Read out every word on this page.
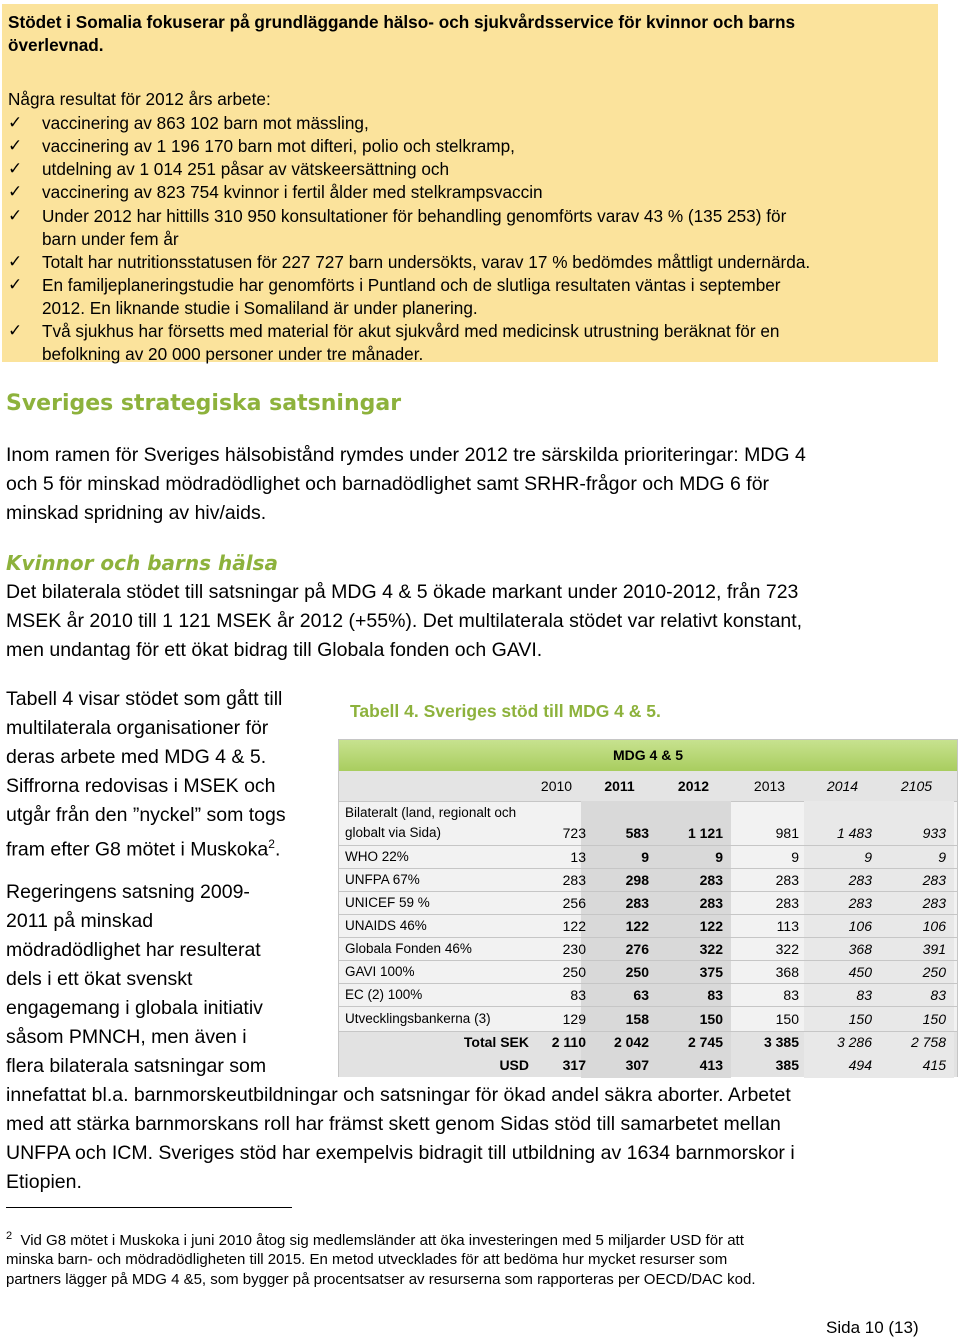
Stödet i Somalia fokuserar på grundläggande hälso- och sjukvårdsservice för kvinnor och barns
överlevnad.
Några resultat för 2012 års arbete:
✓ vaccinering av 863 102 barn mot mässling,
✓ vaccinering av 1 196 170 barn mot difteri, polio och stelkramp,
✓ utdelning av 1 014 251 påsar av vätskeersättning och
✓ vaccinering av 823 754 kvinnor i fertil ålder med stelkrampsvaccin
✓ Under 2012 har hittills 310 950 konsultationer för behandling genomförts varav 43 % (135 253) för
barn under fem år
✓ Totalt har nutritionsstatusen för 227 727 barn undersökts, varav 17 % bedömdes måttligt undernärda.
✓ En familjeplaneringstudie har genomförts i Puntland och de slutliga resultaten väntas i september
2012. En liknande studie i Somaliland är under planering.
✓ Två sjukhus har försetts med material för akut sjukvård med medicinsk utrustning beräknat för en
befolkning av 20 000 personer under tre månader.
Sveriges strategiska satsningar
Inom ramen för Sveriges hälsobistånd rymdes under 2012 tre särskilda prioriteringar: MDG 4
och 5 för minskad mödradödlighet och barnadödlighet samt SRHR-frågor och MDG 6 för
minskad spridning av hiv/aids.
Kvinnor och barns hälsa
Det bilaterala stödet till satsningar på MDG 4 & 5 ökade markant under 2010-2012, från 723
MSEK år 2010 till 1 121 MSEK år 2012 (+55%). Det multilaterala stödet var relativt konstant,
men undantag för ett ökat bidrag till Globala fonden och GAVI.
Tabell 4 visar stödet som gått till
multilaterala organisationer för
deras arbete med MDG 4 & 5.
Siffrorna redovisas i MSEK och
utgår från den ”nyckel” som togs
fram efter G8 mötet i Muskoka$^2$.
Regeringens satsning 2009-
2011 på minskad
mödradödlighet har resulterat
dels i ett ökat svenskt
engagemang i globala initiativ
såsom PMNCH, men även i
flera bilaterala satsningar som
innefattat bl.a. barnmorskeutbildningar och satsningar för ökad andel säkra aborter. Arbetet
med att stärka barnmorskans roll har främst skett genom Sidas stöd till samarbetet mellan
UNFPA och ICM. Sveriges stöd har exempelvis bidragit till utbildning av 1634 barnmorskor i
Etiopien.
Tabell 4. Sveriges stöd till MDG 4 & 5.
MDG 4 & 5
2010	2011	2012	2013	2014	2105
Bilateralt (land, regionalt och
globalt via Sida)	723	583	1 121	981	1 483	933
WHO 22%	13	9	9	9	9	9
UNFPA 67%	283	298	283	283	283	283
UNICEF 59 %	256	283	283	283	283	283
UNAIDS 46%	122	122	122	113	106	106
Globala Fonden 46%	230	276	322	322	368	391
GAVI 100%	250	250	375	368	450	250
EC (2) 100%	83	63	83	83	83	83
Utvecklingsbankerna (3)	129	158	150	150	150	150
Total SEK	2 110	2 042	2 745	3 385	3 286	2 758
USD	317	307	413	385	494	415
$^2$ Vid G8 mötet i Muskoka i juni 2010 åtog sig medlemsländer att öka investeringen med 5 miljarder USD för att
minska barn- och mödradödligheten till 2015. En metod utvecklades för att bedöma hur mycket resurser som
partners lägger på MDG 4 &5, som bygger på procentsatser av resurserna som rapporteras per OECD/DAC kod.
Sida 10 (13)
